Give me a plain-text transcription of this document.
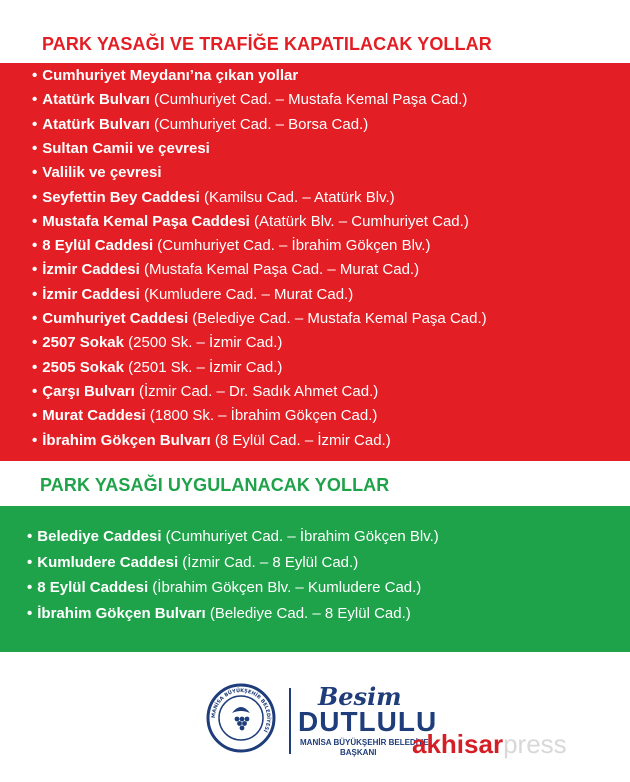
PARK YASAĞI VE TRAFİĞE KAPATILACAK YOLLAR
• Cumhuriyet Meydanı’na çıkan yollar
• Atatürk Bulvarı (Cumhuriyet Cad. – Mustafa Kemal Paşa Cad.)
• Atatürk Bulvarı (Cumhuriyet Cad. – Borsa Cad.)
• Sultan Camii ve çevresi
• Valilik ve çevresi
• Seyfettin Bey Caddesi (Kamilsu Cad. – Atatürk Blv.)
• Mustafa Kemal Paşa Caddesi (Atatürk Blv. – Cumhuriyet Cad.)
• 8 Eylül Caddesi (Cumhuriyet Cad. – İbrahim Gökçen Blv.)
• İzmir Caddesi (Mustafa Kemal Paşa Cad. – Murat Cad.)
• İzmir Caddesi (Kumludere Cad. – Murat Cad.)
• Cumhuriyet Caddesi (Belediye Cad. – Mustafa Kemal Paşa Cad.)
• 2507 Sokak (2500 Sk. – İzmir Cad.)
• 2505 Sokak (2501 Sk. – İzmir Cad.)
• Çarşı Bulvarı (İzmir Cad. – Dr. Sadık Ahmet Cad.)
• Murat Caddesi (1800 Sk. – İbrahim Gökçen Cad.)
• İbrahim Gökçen Bulvarı (8 Eylül Cad. – İzmir Cad.)
PARK YASAĞI UYGULANACAK YOLLAR
• Belediye Caddesi (Cumhuriyet Cad. – İbrahim Gökçen Blv.)
• Kumludere Caddesi (İzmir Cad. – 8 Eylül Cad.)
• 8 Eylül Caddesi (İbrahim Gökçen Blv. – Kumludere Cad.)
• İbrahim Gökçen Bulvarı (Belediye Cad. – 8 Eylül Cad.)
MANİSA BÜYÜKŞEHİR BELEDİYESİ
Besim
DUTLULU
MANİSA BÜYÜKŞEHİR BELEDİYE
BAŞKANI akhisarpress
